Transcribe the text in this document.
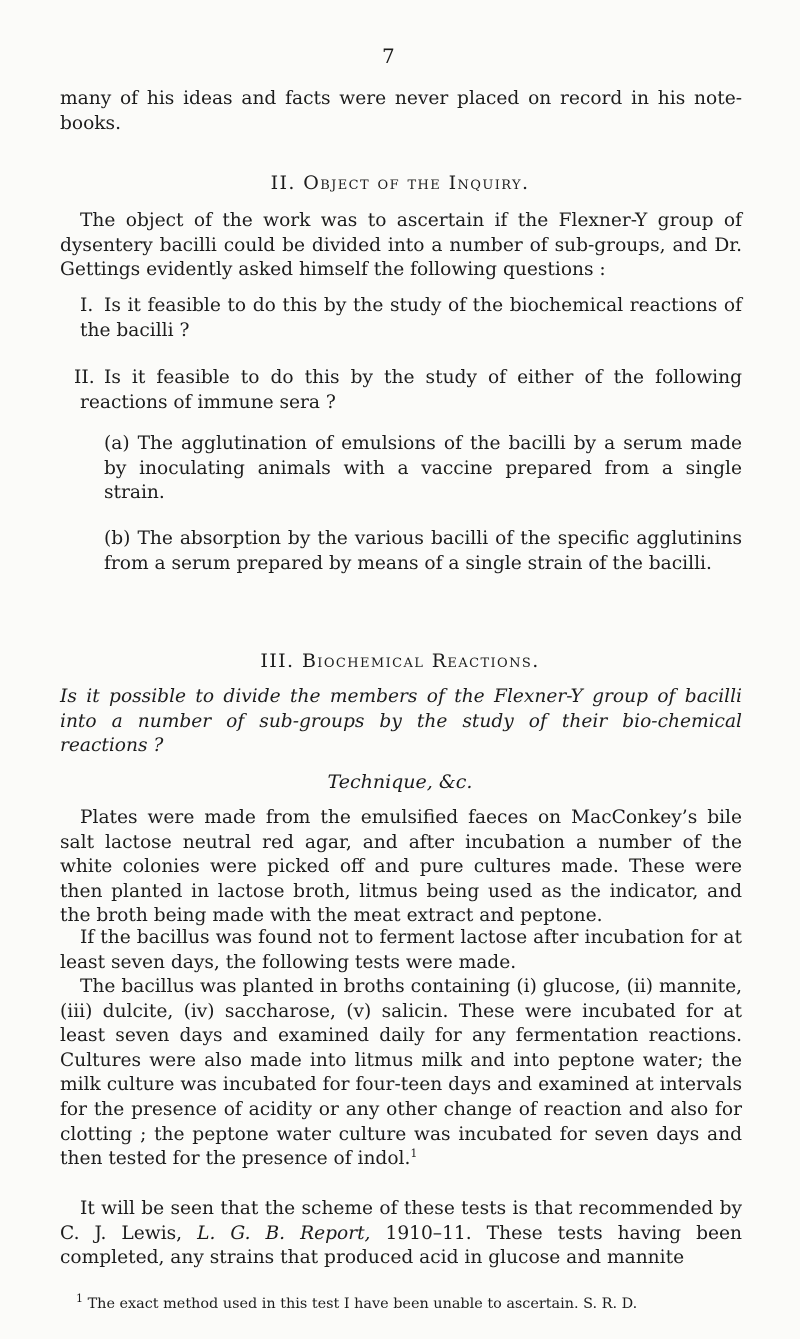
7
many of his ideas and facts were never placed on record in his note-books.
II. Object of the Inquiry.
The object of the work was to ascertain if the Flexner-Y group of dysentery bacilli could be divided into a number of sub-groups, and Dr. Gettings evidently asked himself the following questions :
I. Is it feasible to do this by the study of the biochemical reactions of the bacilli ?
II. Is it feasible to do this by the study of either of the following reactions of immune sera ?
(a) The agglutination of emulsions of the bacilli by a serum made by inoculating animals with a vaccine prepared from a single strain.
(b) The absorption by the various bacilli of the specific agglutinins from a serum prepared by means of a single strain of the bacilli.
III. Biochemical Reactions.
Is it possible to divide the members of the Flexner-Y group of bacilli into a number of sub-groups by the study of their bio-chemical reactions ?
Technique, &c.
Plates were made from the emulsified faeces on MacConkey’s bile salt lactose neutral red agar, and after incubation a number of the white colonies were picked off and pure cultures made. These were then planted in lactose broth, litmus being used as the indicator, and the broth being made with the meat extract and peptone.
If the bacillus was found not to ferment lactose after incubation for at least seven days, the following tests were made.
The bacillus was planted in broths containing (i) glucose, (ii) mannite, (iii) dulcite, (iv) saccharose, (v) salicin. These were incubated for at least seven days and examined daily for any fermentation reactions. Cultures were also made into litmus milk and into peptone water; the milk culture was incubated for four-teen days and examined at intervals for the presence of acidity or any other change of reaction and also for clotting ; the peptone water culture was incubated for seven days and then tested for the presence of indol.$^1$
It will be seen that the scheme of these tests is that recommended by C. J. Lewis, L. G. B. Report, 1910–11. These tests having been completed, any strains that produced acid in glucose and mannite
$^1$ The exact method used in this test I have been unable to ascertain. S. R. D.
